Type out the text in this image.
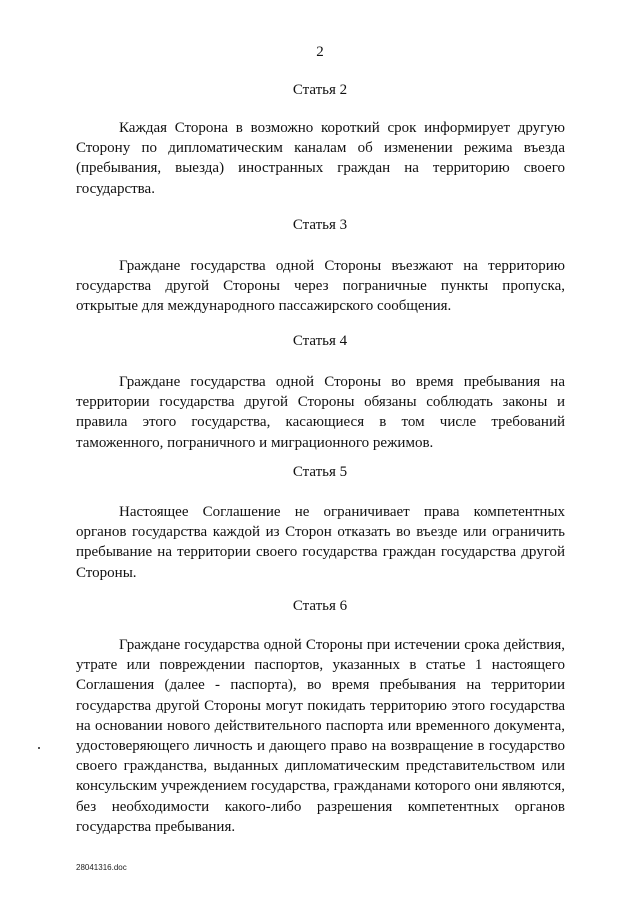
2
Статья 2

Каждая Сторона в возможно короткий срок информирует другую Сторону по дипломатическим каналам об изменении режима въезда (пребывания, выезда) иностранных граждан на территорию своего государства.

Статья 3

Граждане государства одной Стороны въезжают на территорию государства другой Стороны через пограничные пункты пропуска, открытые для международного пассажирского сообщения.

Статья 4

Граждане государства одной Стороны во время пребывания на территории государства другой Стороны обязаны соблюдать законы и правила этого государства, касающиеся в том числе требований таможенного, пограничного и миграционного режимов.

Статья 5

Настоящее Соглашение не ограничивает права компетентных органов государства каждой из Сторон отказать во въезде или ограничить пребывание на территории своего государства граждан государства другой Стороны.

Статья 6

Граждане государства одной Стороны при истечении срока действия, утрате или повреждении паспортов, указанных в статье 1 настоящего Соглашения (далее - паспорта), во время пребывания на территории государства другой Стороны могут покидать территорию этого государства на основании нового действительного паспорта или временного документа, удостоверяющего личность и дающего право на возвращение в государство своего гражданства, выданных дипломатическим представительством или консульским учреждением государства, гражданами которого они являются, без необходимости какого-либо разрешения компетентных органов государства пребывания.

28041316.doc
